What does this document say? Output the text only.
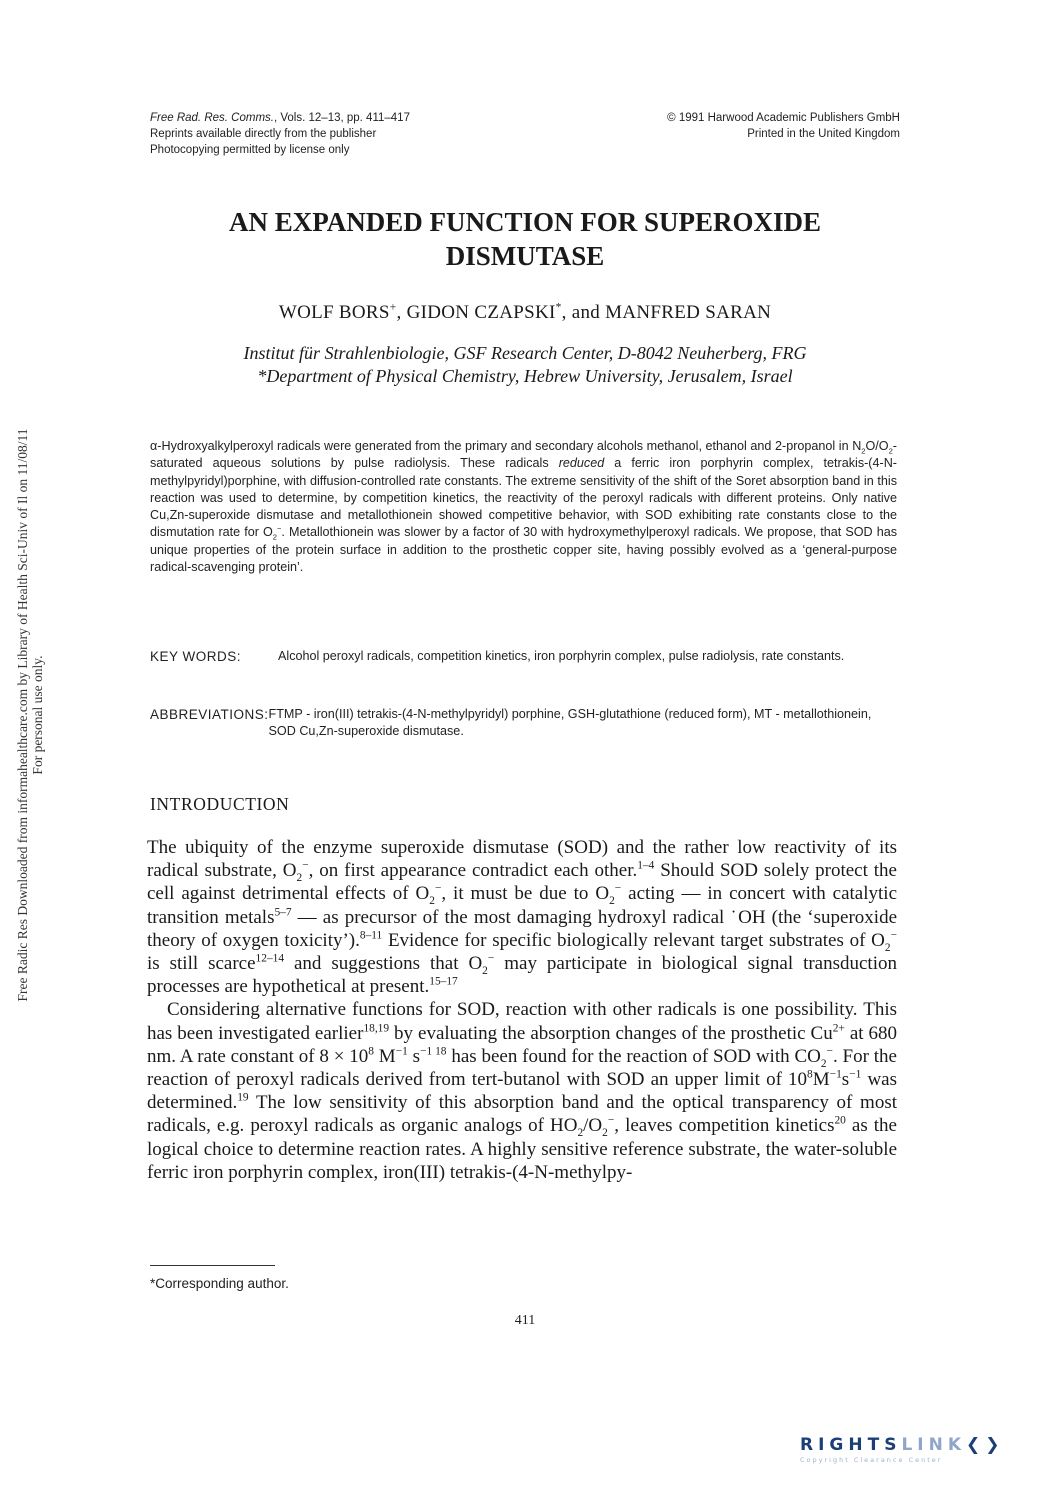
Free Radic Res Downloaded from informahealthcare.com by Library of Health Sci-Univ of Il on 11/08/11 For personal use only.
Free Rad. Res. Comms., Vols. 12–13, pp. 411–417
Reprints available directly from the publisher
Photocopying permitted by license only
© 1991 Harwood Academic Publishers GmbH
Printed in the United Kingdom
AN EXPANDED FUNCTION FOR SUPEROXIDE
DISMUTASE
WOLF BORS+, GIDON CZAPSKI*, and MANFRED SARAN
Institut für Strahlenbiologie, GSF Research Center, D-8042 Neuherberg, FRG
*Department of Physical Chemistry, Hebrew University, Jerusalem, Israel

α-Hydroxyalkylperoxyl radicals were generated from the primary and secondary alcohols methanol, ethanol and 2-propanol in $N_2O/O_2$-saturated aqueous solutions by pulse radiolysis. These radicals reduced a ferric iron porphyrin complex, tetrakis-(4-N-methylpyridyl)porphine, with diffusion-controlled rate constants. The extreme sensitivity of the shift of the Soret absorption band in this reaction was used to determine, by competition kinetics, the reactivity of the peroxyl radicals with different proteins. Only native Cu,Zn-superoxide dismutase and metallothionein showed competitive behavior, with SOD exhibiting rate constants close to the dismutation rate for $O_2^-$. Metallothionein was slower by a factor of 30 with hydroxymethylperoxyl radicals. We propose, that SOD has unique properties of the protein surface in addition to the prosthetic copper site, having possibly evolved as a ‘general-purpose radical-scavenging protein’.

KEY WORDS:	Alcohol peroxyl radicals, competition kinetics, iron porphyrin complex, pulse radiolysis, rate constants.
ABBREVIATIONS: FTMP - iron(III) tetrakis-(4-N-methylpyridyl) porphine, GSH-glutathione (reduced form), MT - metallothionein, SOD Cu,Zn-superoxide dismutase.
INTRODUCTION

The ubiquity of the enzyme superoxide dismutase (SOD) and the rather low reactivity of its radical substrate, $O_2^-$, on first appearance contradict each other.$^{1-4}$ Should SOD solely protect the cell against detrimental effects of $O_2^-$, it must be due to $O_2^-$ acting — in concert with catalytic transition metals$^{5-7}$ — as precursor of the most damaging hydroxyl radical ˙OH (the ‘superoxide theory of oxygen toxicity’).$^{8-11}$ Evidence for specific biologically relevant target substrates of $O_2^-$ is still scarce$^{12-14}$ and suggestions that $O_2^-$ may participate in biological signal transduction processes are hypothetical at present.$^{15-17}$

Considering alternative functions for SOD, reaction with other radicals is one possibility. This has been investigated earlier$^{18,19}$ by evaluating the absorption changes of the prosthetic $Cu^{2+}$ at 680 nm. A rate constant of $8 \times 10^8$ $M^{-1}$ $s^{-1 18}$ has been found for the reaction of SOD with $CO_2^-$. For the reaction of peroxyl radicals derived from tert-butanol with SOD an upper limit of $10^8M^{-1}s^{-1}$ was determined.$^{19}$ The low sensitivity of this absorption band and the optical transparency of most radicals, e.g. peroxyl radicals as organic analogs of $HO_2/O_2^-$, leaves competition kinetics$^{20}$ as the logical choice to determine reaction rates. A highly sensitive reference substrate, the water-soluble ferric iron porphyrin complex, iron(III) tetrakis-(4-N-methylpy-

*Corresponding author.
411
RIGHTSLINK❮❯
Copyright Clearance Center
